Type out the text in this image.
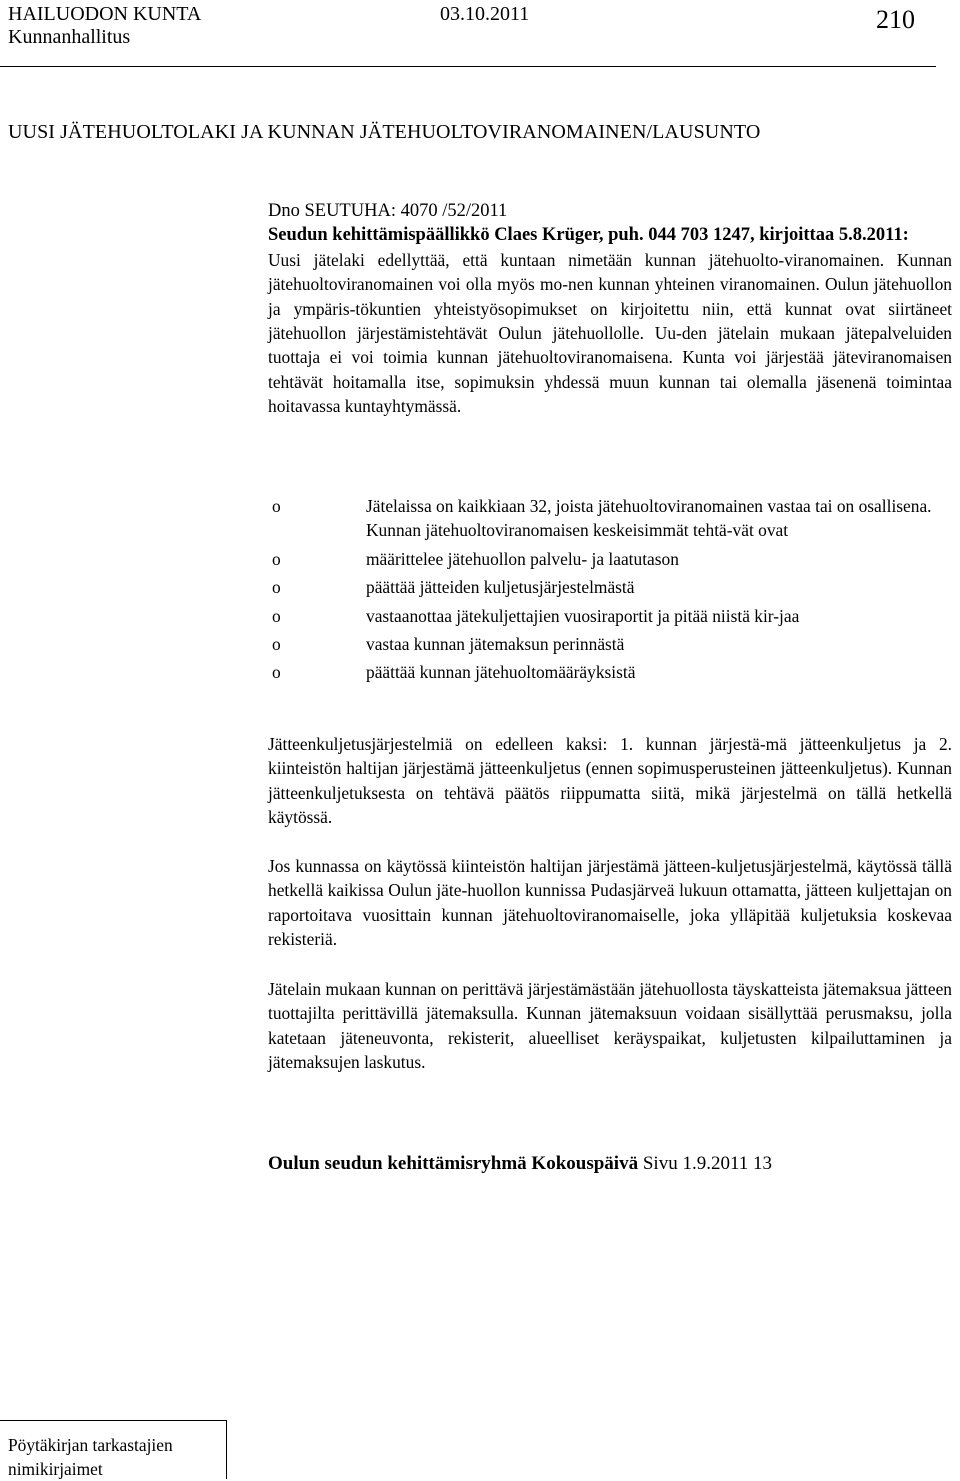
HAILUODON KUNTA	03.10.2011
Kunnanhallitus
210
UUSI JÄTEHUOLTOLAKI JA KUNNAN JÄTEHUOLTOVIRANOMAINEN/LAUSUNTO

Dno SEUTUHA: 4070 /52/2011

Seudun kehittämispäällikkö Claes Krüger, puh. 044 703 1247, kirjoittaa 5.8.2011:

Uusi jätelaki edellyttää, että kuntaan nimetään kunnan jätehuolto-viranomainen. Kunnan jätehuoltoviranomainen voi olla myös mo-nen kunnan yhteinen viranomainen. Oulun jätehuollon ja ympäris-tökuntien yhteistyösopimukset on kirjoitettu niin, että kunnat ovat siirtäneet jätehuollon järjestämistehtävät Oulun jätehuollolle. Uu-den jätelain mukaan jätepalveluiden tuottaja ei voi toimia kunnan jätehuoltoviranomaisena. Kunta voi järjestää jäteviranomaisen tehtävät hoitamalla itse, sopimuksin yhdessä muun kunnan tai olemalla jäsenenä toimintaa hoitavassa kuntayhtymässä.

o	Jätelaissa on kaikkiaan 32, joista jätehuoltoviranomainen vastaa tai on osallisena. Kunnan jätehuoltoviranomaisen keskeisimmät tehtä-vät ovat
o	määrittelee jätehuollon palvelu- ja laatutason
o	päättää jätteiden kuljetusjärjestelmästä
o	vastaanottaa jätekuljettajien vuosiraportit ja pitää niistä kir-jaa
o	vastaa kunnan jätemaksun perinnästä
o	päättää kunnan jätehuoltomääräyksistä

Jätteenkuljetusjärjestelmiä on edelleen kaksi: 1. kunnan järjestä-mä jätteenkuljetus ja 2. kiinteistön haltijan järjestämä jätteenkuljetus (ennen sopimusperusteinen jätteenkuljetus). Kunnan jätteenkuljetuksesta on tehtävä päätös riippumatta siitä, mikä järjestelmä on tällä hetkellä käytössä.

Jos kunnassa on käytössä kiinteistön haltijan järjestämä jätteen-kuljetusjärjestelmä, käytössä tällä hetkellä kaikissa Oulun jäte-huollon kunnissa Pudasjärveä lukuun ottamatta, jätteen kuljettajan on raportoitava vuosittain kunnan jätehuoltoviranomaiselle, joka ylläpitää kuljetuksia koskevaa rekisteriä.

Jätelain mukaan kunnan on perittävä järjestämästään jätehuollosta täyskatteista jätemaksua jätteen tuottajilta perittävillä jätemaksulla. Kunnan jätemaksuun voidaan sisällyttää perusmaksu, jolla katetaan jäteneuvonta, rekisterit, alueelliset keräyspaikat, kuljetusten kilpailuttaminen ja jätemaksujen laskutus.

Oulun seudun kehittämisryhmä Kokouspäivä Sivu 1.9.2011 13
Pöytäkirjan tarkastajien
nimikirjaimet
